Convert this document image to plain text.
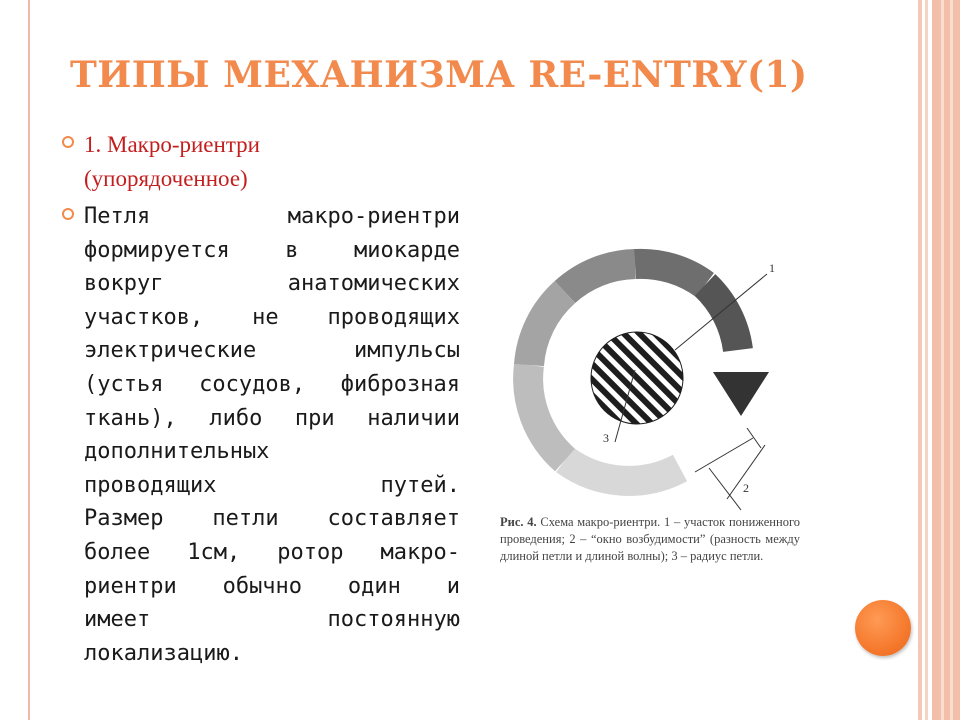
ТИПЫ МЕХАНИЗМА RE-ENTRY(1)
1. Макро-риентри
(упорядоченное)
Петля макро-риентри
формируется в миокарде
вокруг анатомических
участков, не проводящих
электрические импульсы
(устья сосудов, фиброзная
ткань), либо при наличии
дополнительных
проводящих путей.
Размер петли составляет
более 1см, ротор макро-
риентри обычно один и
имеет постоянную
локализацию.
1
2
3
Рис. 4. Схема макро-риентри. 1 – участок пониженного проведения; 2 – “окно возбудимости” (разность между длиной петли и длиной волны); 3 – радиус петли.
